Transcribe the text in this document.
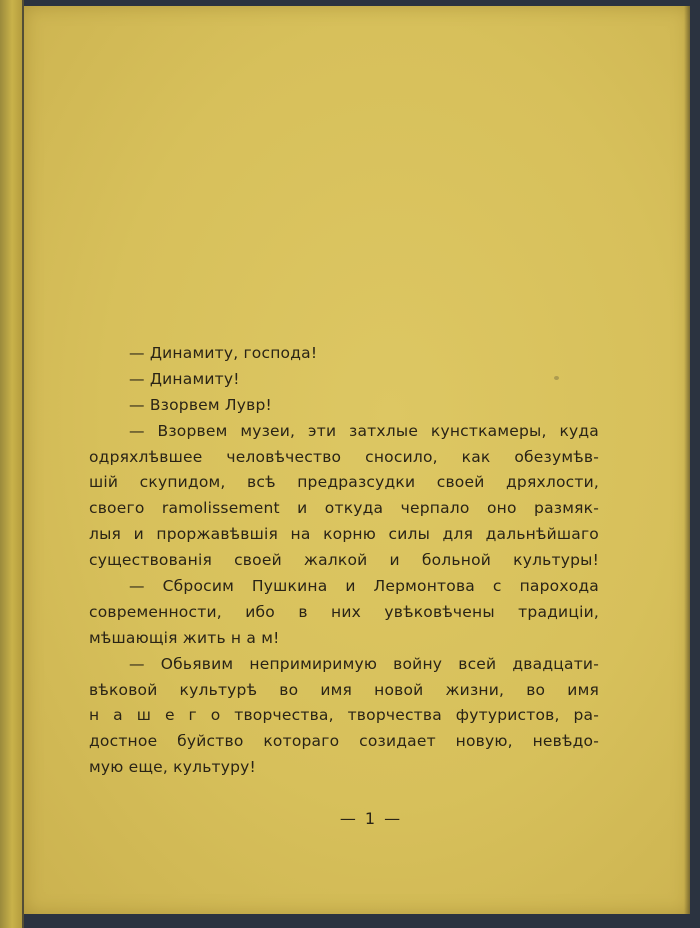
— Динамиту, господа!
— Динамиту!
— Взорвем Лувр!
— Взорвем музеи, эти затхлые кунсткамеры, куда
одряхлѣвшее человѣчество сносило, как обезумѣв-
шій скупидом, всѣ предразсудки своей дряхлости,
своего ramolissement и откуда черпало оно размяк-
лыя и проржавѣвшія на корню силы для дальнѣйшаго
существованія своей жалкой и больной культуры!
— Сбросим Пушкина и Лермонтова с парохода
современности, ибо в них увѣковѣчены традиціи,
мѣшающія жить н а м!
— Обьявим непримиримую войну всей двадцати-
вѣковой культурѣ во имя новой жизни, во имя
н а ш е г о творчества, творчества футуристов, ра-
достное буйство котораго созидает новую, невѣдо-
мую еще, культуру!
— 1 —
